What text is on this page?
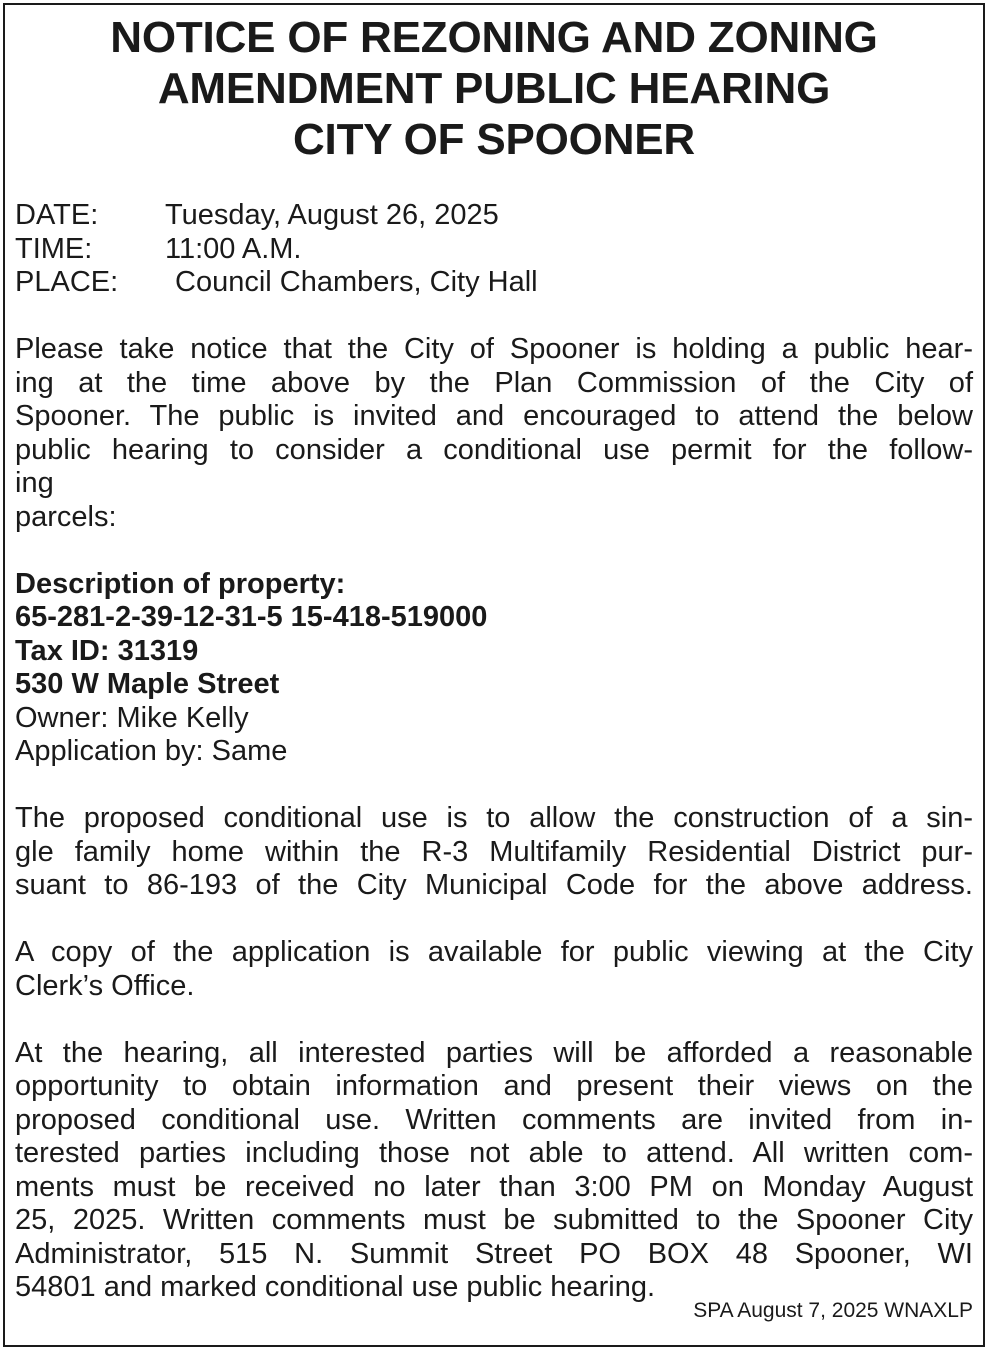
NOTICE OF REZONING AND ZONING
AMENDMENT PUBLIC HEARING
CITY OF SPOONER
DATE:	Tuesday, August 26, 2025
TIME:	11:00 A.M.
PLACE:	Council Chambers, City Hall
Please take notice that the City of Spooner is holding a public hear-
ing at the time above by the Plan Commission of the City of
Spooner. The public is invited and encouraged to attend the below
public hearing to consider a conditional use permit for the follow-
ing
parcels:
Description of property:
65-281-2-39-12-31-5 15-418-519000
Tax ID: 31319
530 W Maple Street
Owner: Mike Kelly
Application by: Same
The proposed conditional use is to allow the construction of a sin-
gle family home within the R-3 Multifamily Residential District pur-
suant to 86-193 of the City Municipal Code for the above address.
A copy of the application is available for public viewing at the City
Clerk’s Office.
At the hearing, all interested parties will be afforded a reasonable
opportunity to obtain information and present their views on the
proposed conditional use. Written comments are invited from in-
terested parties including those not able to attend. All written com-
ments must be received no later than 3:00 PM on Monday August
25, 2025. Written comments must be submitted to the Spooner City
Administrator, 515 N. Summit Street PO BOX 48 Spooner, WI
54801 and marked conditional use public hearing.
SPA August 7, 2025 WNAXLP
